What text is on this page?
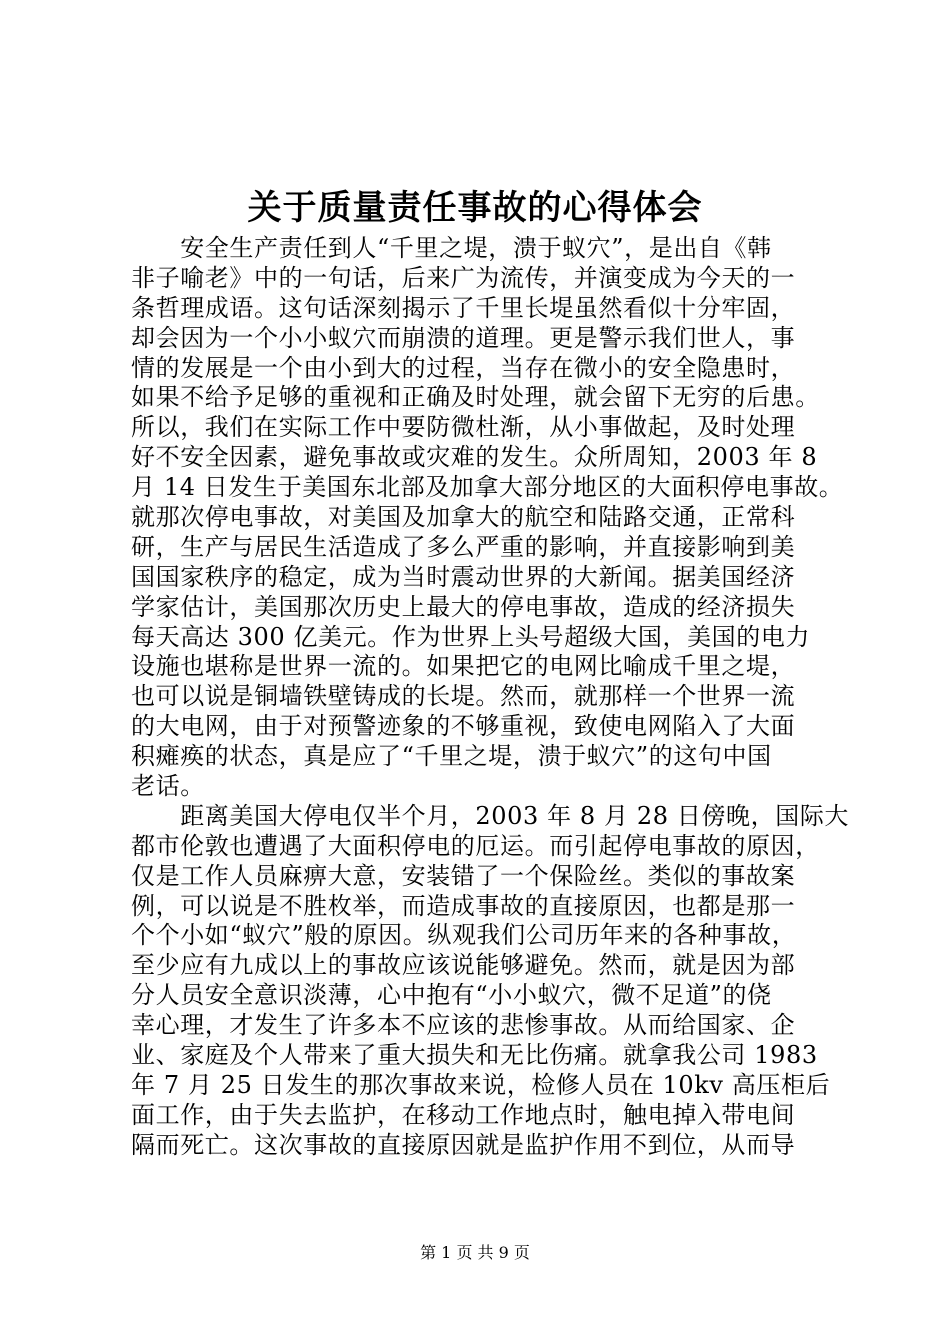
关于质量责任事故的心得体会
　　安全生产责任到人“千里之堤，溃于蚁穴”，是出自《韩
非子喻老》中的一句话，后来广为流传，并演变成为今天的一
条哲理成语。这句话深刻揭示了千里长堤虽然看似十分牢固，
却会因为一个小小蚁穴而崩溃的道理。更是警示我们世人，事
情的发展是一个由小到大的过程，当存在微小的安全隐患时，
如果不给予足够的重视和正确及时处理，就会留下无穷的后患。
所以，我们在实际工作中要防微杜渐，从小事做起，及时处理
好不安全因素，避免事故或灾难的发生。众所周知，2003 年 8
月 14 日发生于美国东北部及加拿大部分地区的大面积停电事故。
就那次停电事故，对美国及加拿大的航空和陆路交通，正常科
研，生产与居民生活造成了多么严重的影响，并直接影响到美
国国家秩序的稳定，成为当时震动世界的大新闻。据美国经济
学家估计，美国那次历史上最大的停电事故，造成的经济损失
每天高达 300 亿美元。作为世界上头号超级大国，美国的电力
设施也堪称是世界一流的。如果把它的电网比喻成千里之堤，
也可以说是铜墙铁壁铸成的长堤。然而，就那样一个世界一流
的大电网，由于对预警迹象的不够重视，致使电网陷入了大面
积瘫痪的状态，真是应了“千里之堤，溃于蚁穴”的这句中国
老话。
　　距离美国大停电仅半个月，2003 年 8 月 28 日傍晚，国际大
都市伦敦也遭遇了大面积停电的厄运。而引起停电事故的原因，
仅是工作人员麻痹大意，安装错了一个保险丝。类似的事故案
例，可以说是不胜枚举，而造成事故的直接原因，也都是那一
个个小如“蚁穴”般的原因。纵观我们公司历年来的各种事故，
至少应有九成以上的事故应该说能够避免。然而，就是因为部
分人员安全意识淡薄，心中抱有“小小蚁穴，微不足道”的侥
幸心理，才发生了许多本不应该的悲惨事故。从而给国家、企
业、家庭及个人带来了重大损失和无比伤痛。就拿我公司 1983
年 7 月 25 日发生的那次事故来说，检修人员在 10kv 高压柜后
面工作，由于失去监护，在移动工作地点时，触电掉入带电间
隔而死亡。这次事故的直接原因就是监护作用不到位，从而导
第 1 页 共 9 页
